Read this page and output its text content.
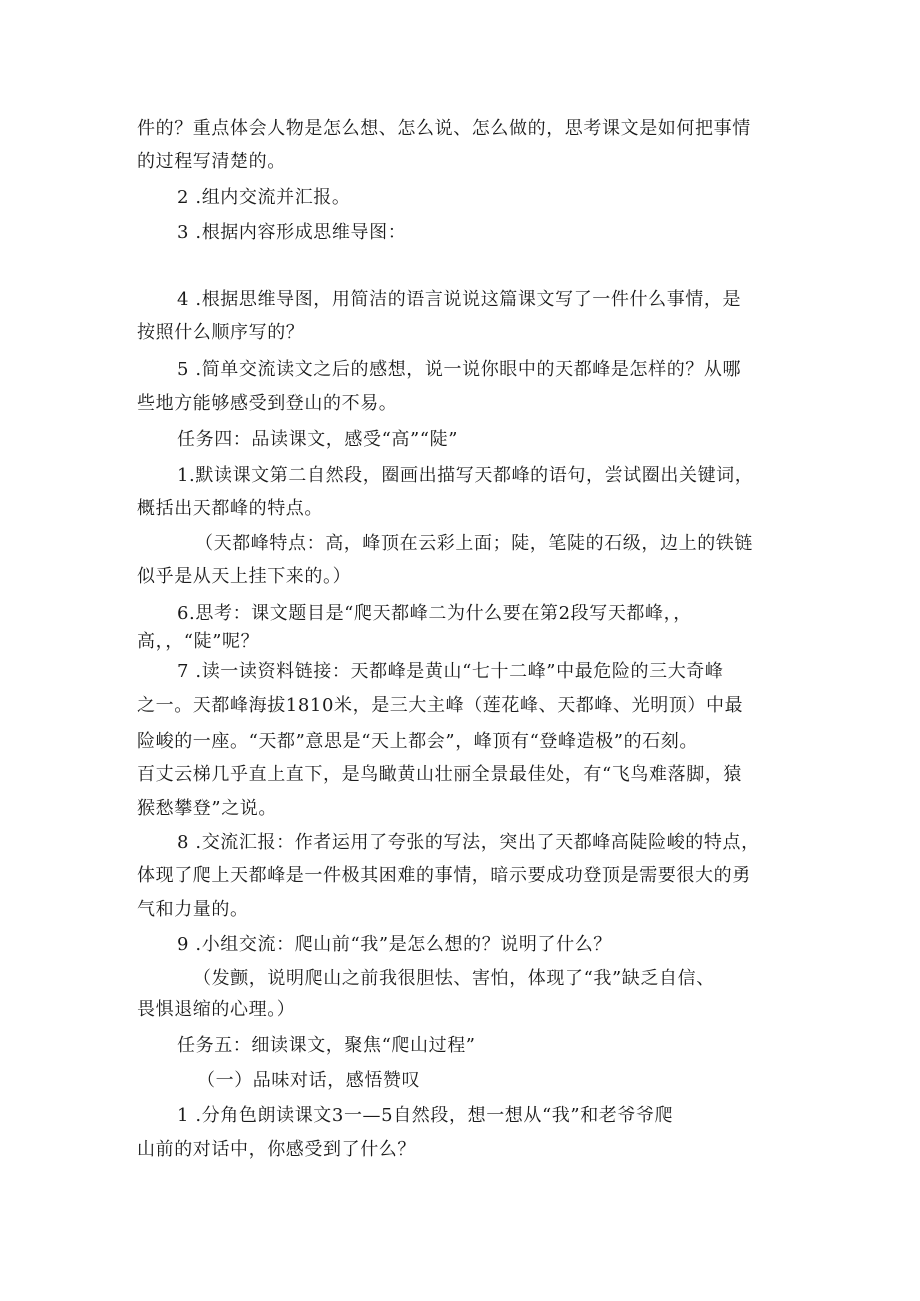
件的？重点体会人物是怎么想、怎么说、怎么做的，思考课文是如何把事情
的过程写清楚的。
2 .组内交流并汇报。
3 .根据内容形成思维导图：
4 .根据思维导图，用简洁的语言说说这篇课文写了一件什么事情，是
按照什么顺序写的？
5 .简单交流读文之后的感想，说一说你眼中的天都峰是怎样的？从哪
些地方能够感受到登山的不易。
任务四：品读课文，感受“高”“陡”
1.默读课文第二自然段，圈画出描写天都峰的语句，尝试圈出关键词，
概括出天都峰的特点。
（天都峰特点：高，峰顶在云彩上面；陡，笔陡的石级，边上的铁链
似乎是从天上挂下来的。）
6.思考：课文题目是“爬天都峰二为什么要在第2段写天都峰，，
高，，“陡”呢？
7 .读一读资料链接：天都峰是黄山“七十二峰”中最危险的三大奇峰
之一。天都峰海拔1810米，是三大主峰（莲花峰、天都峰、光明顶）中最
险峻的一座。“天都”意思是“天上都会”，峰顶有“登峰造极”的石刻。
百丈云梯几乎直上直下，是鸟瞰黄山壮丽全景最佳处，有“飞鸟难落脚，猿
猴愁攀登”之说。
8 .交流汇报：作者运用了夸张的写法，突出了天都峰高陡险峻的特点，
体现了爬上天都峰是一件极其困难的事情，暗示要成功登顶是需要很大的勇
气和力量的。
9 .小组交流：爬山前“我”是怎么想的？说明了什么？
（发颤，说明爬山之前我很胆怯、害怕，体现了“我”缺乏自信、
畏惧退缩的心理。）
任务五：细读课文，聚焦“爬山过程”
（一）品味对话，感悟赞叹
1 .分角色朗读课文3一—5自然段，想一想从“我”和老爷爷爬
山前的对话中，你感受到了什么？
